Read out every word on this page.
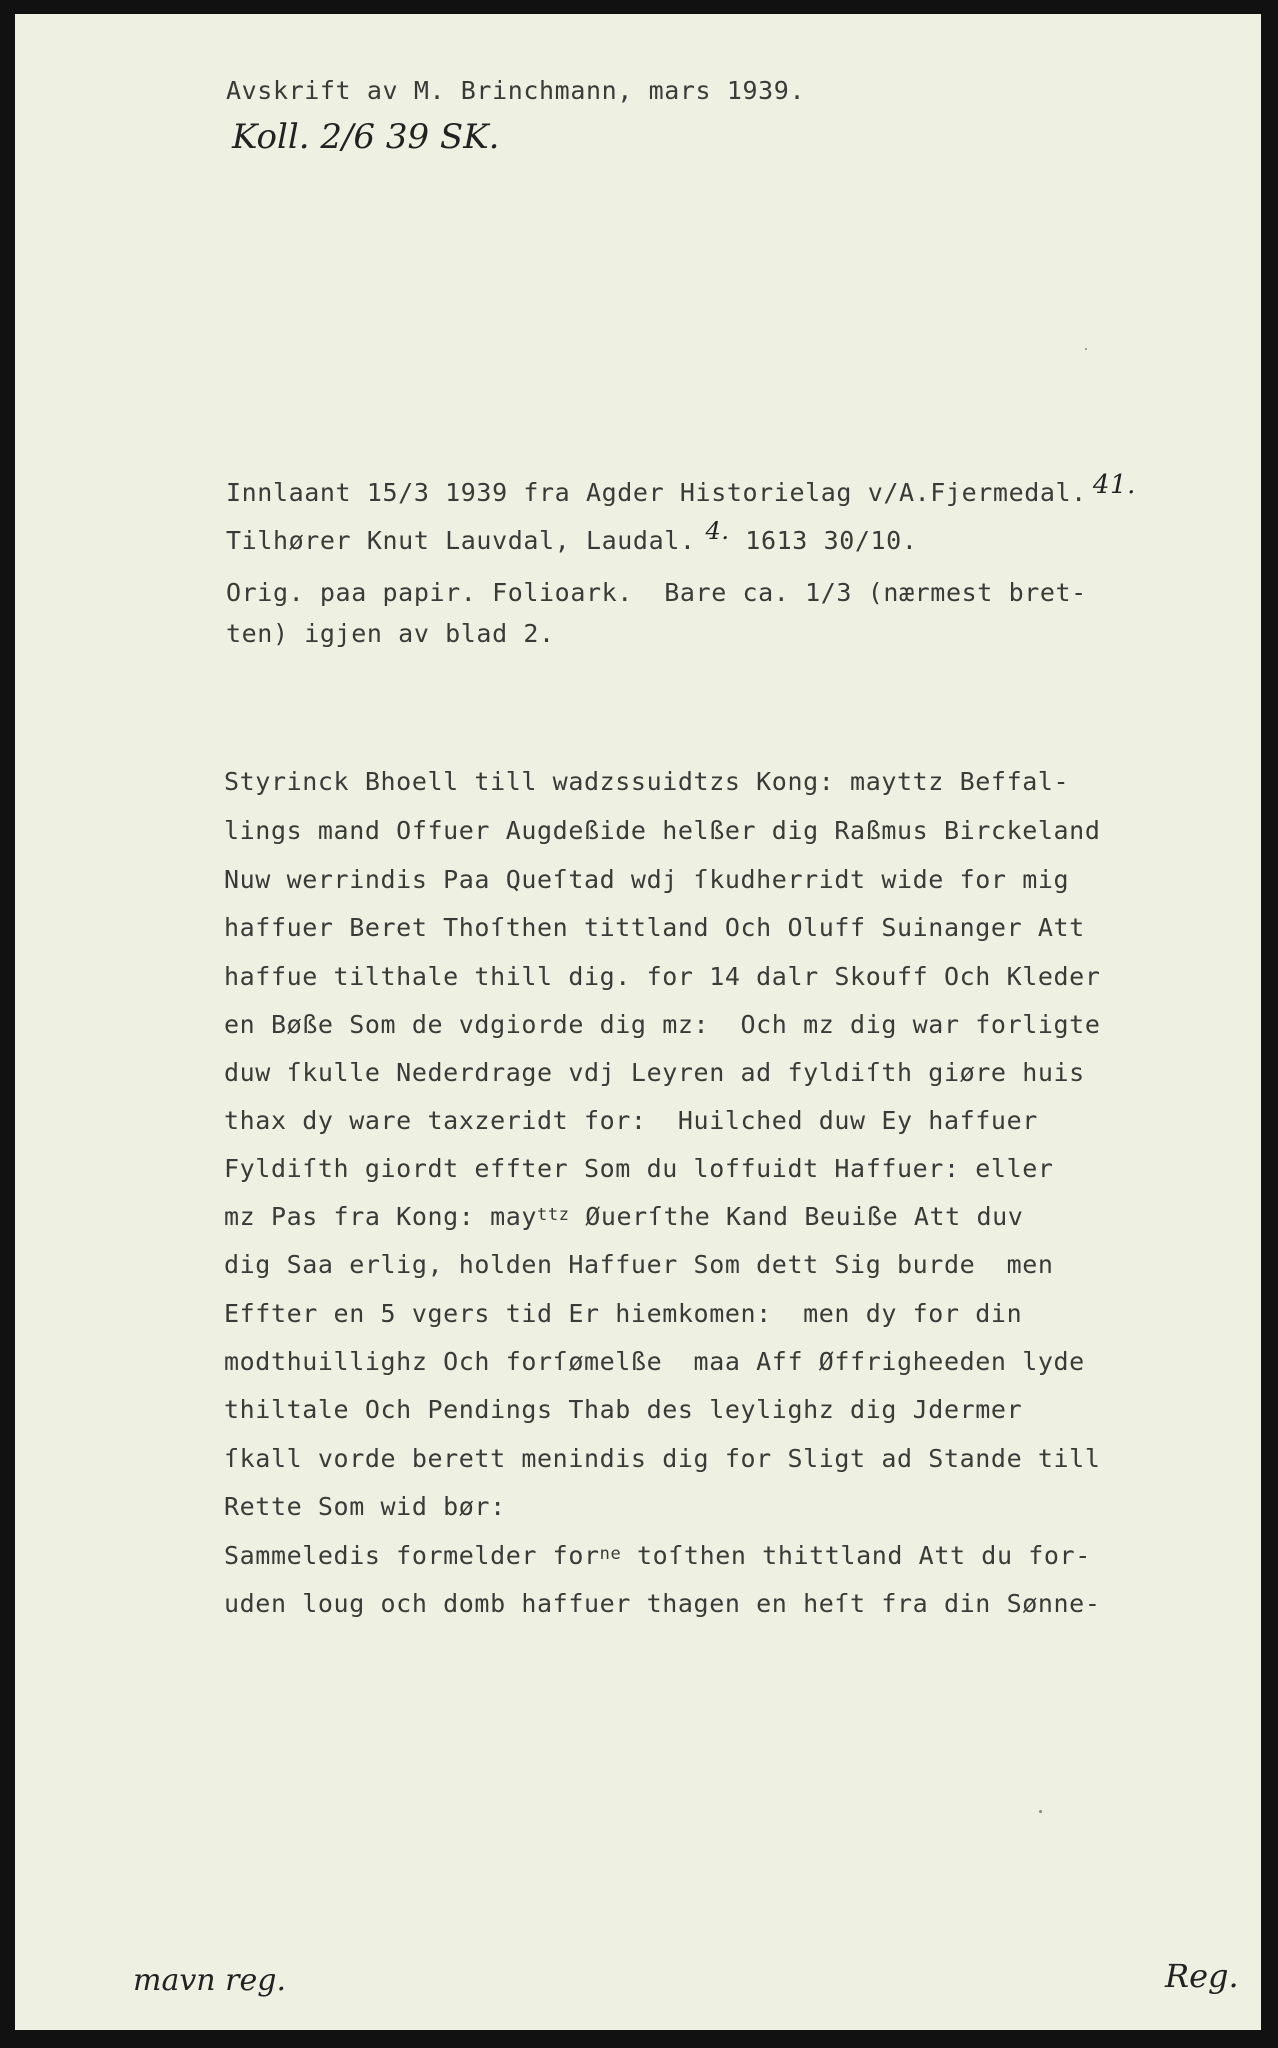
Avskrift av M. Brinchmann, mars 1939.
Koll. 2/6 39 SK.
Innlaant 15/3 1939 fra Agder Historielag v/A.Fjermedal. 41.
Tilhører Knut Lauvdal, Laudal. 4. 1613 30/10.
Orig. paa papir. Folioark.  Bare ca. 1/3 (nærmest bret-
ten) igjen av blad 2.
Styrinck Bhoell till wadzssuidtzs Kong: mayttz Beffal-
lings mand Offuer Augdeßide helßer dig Raßmus Birckeland
Nuw werrindis Paa Queſtad wdj ſkudherridt wide for mig
haffuer Beret Thoſthen tittland Och Oluff Suinanger Att
haffue tilthale thill dig. for 14 dalr Skouff Och Kleder
en Bøße Som de vdgiorde dig mz:  Och mz dig war forligte
duw ſkulle Nederdrage vdj Leyren ad fyldiſth giøre huis
thax dy ware taxzeridt for:  Huilched duw Ey haffuer
Fyldiſth giordt effter Som du loffuidt Haffuer: eller
mz Pas fra Kong: may$^{ttz}$ Øuerſthe Kand Beuiße Att duv
dig Saa erlig, holden Haffuer Som dett Sig burde  men
Effter en 5 vgers tid Er hiemkomen:  men dy for din
modthuillighz Och forſømelße  maa Aff Øffrigheeden lyde
thiltale Och Pendings Thab des leylighz dig Jdermer
ſkall vorde berett menindis dig for Sligt ad Stande till
Rette Som wid bør:
Sammeledis formelder for$^{ne}$ toſthen thittland Att du for-
uden loug och domb haffuer thagen en heſt fra din Sønne-
mavn reg.	Reg.
